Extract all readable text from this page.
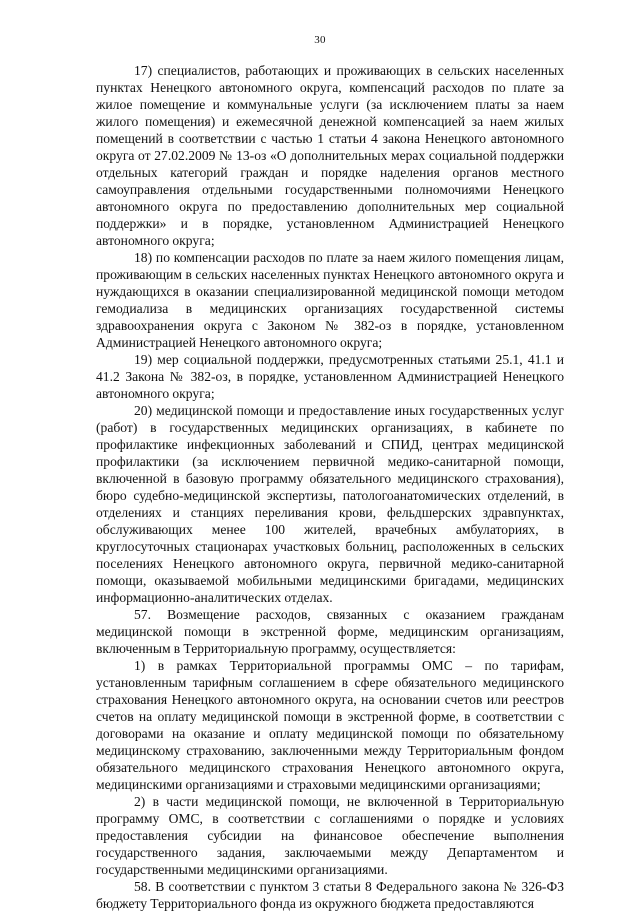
30

17) специалистов, работающих и проживающих в сельских населенных пунктах Ненецкого автономного округа, компенсаций расходов по плате за жилое помещение и коммунальные услуги (за исключением платы за наем жилого помещения) и ежемесячной денежной компенсацией за наем жилых помещений в соответствии с частью 1 статьи 4 закона Ненецкого автономного округа от 27.02.2009 № 13-оз «О дополнительных мерах социальной поддержки отдельных категорий граждан и порядке наделения органов местного самоуправления отдельными государственными полномочиями Ненецкого автономного округа по предоставлению дополнительных мер социальной поддержки» и в порядке, установленном Администрацией Ненецкого автономного округа;

18) по компенсации расходов по плате за наем жилого помещения лицам, проживающим в сельских населенных пунктах Ненецкого автономного округа и нуждающихся в оказании специализированной медицинской помощи методом гемодиализа в медицинских организациях государственной системы здравоохранения округа с Законом № 382-оз в порядке, установленном Администрацией Ненецкого автономного округа;

19) мер социальной поддержки, предусмотренных статьями 25.1, 41.1 и 41.2 Закона № 382-оз, в порядке, установленном Администрацией Ненецкого автономного округа;

20) медицинской помощи и предоставление иных государственных услуг (работ) в государственных медицинских организациях, в кабинете по профилактике инфекционных заболеваний и СПИД, центрах медицинской профилактики (за исключением первичной медико-санитарной помощи, включенной в базовую программу обязательного медицинского страхования), бюро судебно-медицинской экспертизы, патологоанатомических отделений, в отделениях и станциях переливания крови, фельдшерских здравпунктах, обслуживающих менее 100 жителей, врачебных амбулаториях, в круглосуточных стационарах участковых больниц, расположенных в сельских поселениях Ненецкого автономного округа, первичной медико-санитарной помощи, оказываемой мобильными медицинскими бригадами, медицинских информационно-аналитических отделах.

57. Возмещение расходов, связанных с оказанием гражданам медицинской помощи в экстренной форме, медицинским организациям, включенным в Территориальную программу, осуществляется:

1) в рамках Территориальной программы ОМС – по тарифам, установленным тарифным соглашением в сфере обязательного медицинского страхования Ненецкого автономного округа, на основании счетов или реестров счетов на оплату медицинской помощи в экстренной форме, в соответствии с договорами на оказание и оплату медицинской помощи по обязательному медицинскому страхованию, заключенными между Территориальным фондом обязательного медицинского страхования Ненецкого автономного округа, медицинскими организациями и страховыми медицинскими организациями;

2) в части медицинской помощи, не включенной в Территориальную программу ОМС, в соответствии с соглашениями о порядке и условиях предоставления субсидии на финансовое обеспечение выполнения государственного задания, заключаемыми между Департаментом и государственными медицинскими организациями.

58. В соответствии с пунктом 3 статьи 8 Федерального закона № 326-ФЗ бюджету Территориального фонда из окружного бюджета предоставляются
